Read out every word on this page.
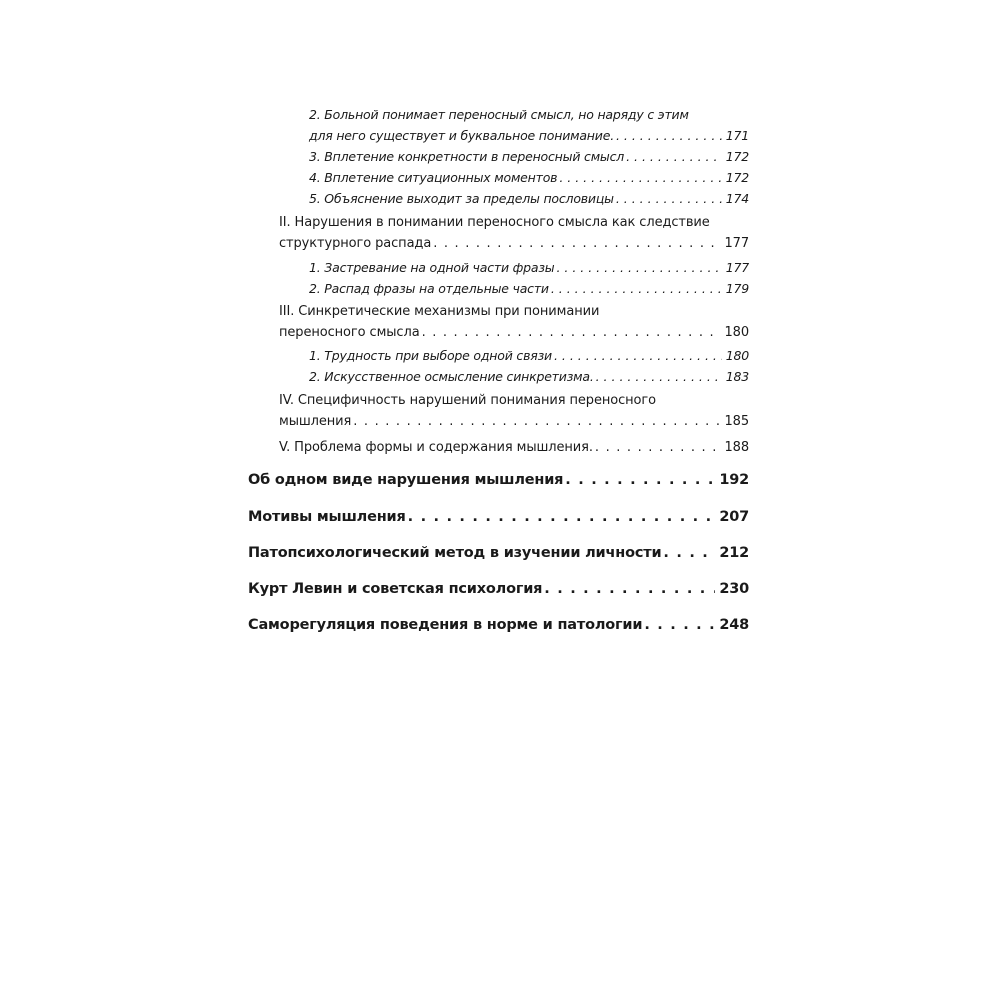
2. Больной понимает переносный смысл, но наряду с этим
для него существует и буквальное понимание. . . .	171
3. Вплетение конкретности в переносный смысл . . .	172
4. Вплетение ситуационных моментов . . .	172
5. Объяснение выходит за пределы пословицы . . .	174
II. Нарушения в понимании переносного смысла как следствие
структурного распада . . .	177
1. Застревание на одной части фразы . . .	177
2. Распад фразы на отдельные части . . .	179
III. Синкретические механизмы при понимании
переносного смысла . . .	180
1. Трудность при выборе одной связи . . .	180
2. Искусственное осмысление синкретизма. . . .	183
IV. Специфичность нарушений понимания переносного
мышления . . .	185
V. Проблема формы и содержания мышления. . . .	188
Об одном виде нарушения мышления . . .	192
Мотивы мышления . . .	207
Патопсихологический метод в изучении личности . . .	212
Курт Левин и советская психология . . .	230
Саморегуляция поведения в норме и патологии . . .	248
